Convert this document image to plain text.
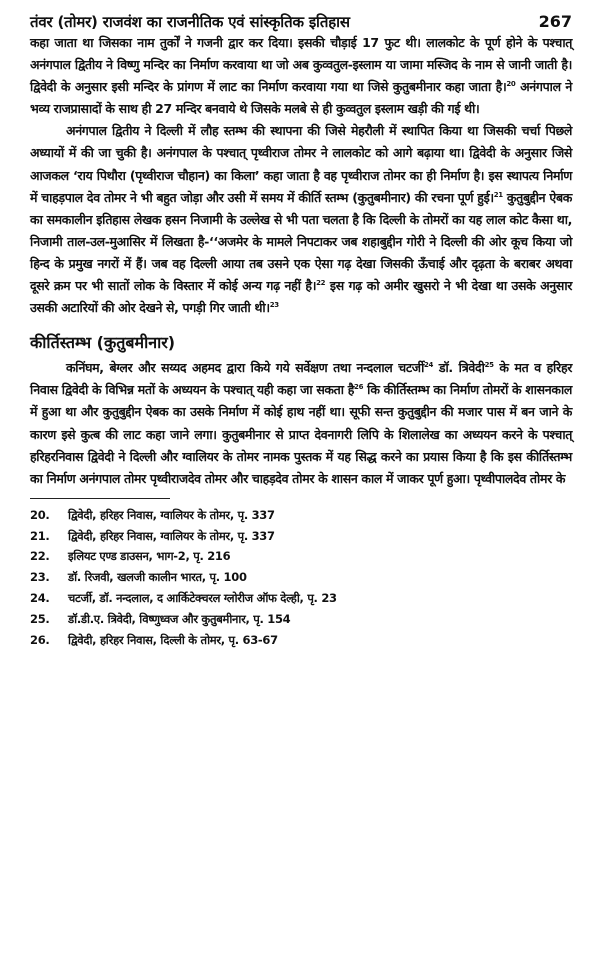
तंवर (तोमर) राजवंश का राजनीतिक एवं सांस्कृतिक इतिहास	267

कहा जाता था जिसका नाम तुर्कों ने गजनी द्वार कर दिया। इसकी चौड़ाई 17 फुट थी। लालकोट के पूर्ण होने के पश्चात् अनंगपाल द्वितीय ने विष्णु मन्दिर का निर्माण करवाया था जो अब कुव्वतुल-इस्लाम या जामा मस्जिद के नाम से जानी जाती है। द्विवेदी के अनुसार इसी मन्दिर के प्रांगण में लाट का निर्माण करवाया गया था जिसे कुतुबमीनार कहा जाता है।$^{20}$ अनंगपाल ने भव्य राजप्रासादों के साथ ही 27 मन्दिर बनवाये थे जिसके मलबे से ही कुव्वतुल इस्लाम खड़ी की गई थी।

अनंगपाल द्वितीय ने दिल्ली में लौह स्तम्भ की स्थापना की जिसे मेहरौली में स्थापित किया था जिसकी चर्चा पिछले अध्यायों में की जा चुकी है। अनंगपाल के पश्चात् पृथ्वीराज तोमर ने लालकोट को आगे बढ़ाया था। द्विवेदी के अनुसार जिसे आजकल ‘राय पिथौरा (पृथ्वीराज चौहान) का किला’ कहा जाता है वह पृथ्वीराज तोमर का ही निर्माण है। इस स्थापत्य निर्माण में चाहड़पाल देव तोमर ने भी बहुत जोड़ा और उसी में समय में कीर्ति स्तम्भ (कुतुबमीनार) की रचना पूर्ण हुई।$^{21}$ कुतुबुद्दीन ऐबक का समकालीन इतिहास लेखक हसन निजामी के उल्लेख से भी पता चलता है कि दिल्ली के तोमरों का यह लाल कोट कैसा था, निजामी ताल-उल-मुआसिर में लिखता है-‘‘अजमेर के मामले निपटाकर जब शहाबुद्दीन गोरी ने दिल्ली की ओर कूच किया जो हिन्द के प्रमुख नगरों में हैं। जब वह दिल्ली आया तब उसने एक ऐसा गढ़ देखा जिसकी ऊँचाई और दृढ़ता के बराबर अथवा दूसरे क्रम पर भी सातों लोक के विस्तार में कोई अन्य गढ़ नहीं है।$^{22}$ इस गढ़ को अमीर खुसरो ने भी देखा था उसके अनुसार उसकी अटारियों की ओर देखने से, पगड़ी गिर जाती थी।$^{23}$

कीर्तिस्तम्भ (कुतुबमीनार)

कनिंघम, बेग्लर और सय्यद अहमद द्वारा किये गये सर्वेक्षण तथा नन्दलाल चटर्जी$^{24}$ डॉ. त्रिवेदी$^{25}$ के मत व हरिहर निवास द्विवेदी के विभिन्न मतों के अध्ययन के पश्चात् यही कहा जा सकता है$^{26}$ कि कीर्तिस्तम्भ का निर्माण तोमरों के शासनकाल में हुआ था और कुतुबुद्दीन ऐबक का उसके निर्माण में कोई हाथ नहीं था। सूफी सन्त कुतुबुद्दीन की मजार पास में बन जाने के कारण इसे कुत्ब की लाट कहा जाने लगा। कुतुबमीनार से प्राप्त देवनागरी लिपि के शिलालेख का अध्ययन करने के पश्चात् हरिहरनिवास द्विवेदी ने दिल्ली और ग्वालियर के तोमर नामक पुस्तक में यह सिद्ध करने का प्रयास किया है कि इस कीर्तिस्तम्भ का निर्माण अनंगपाल तोमर पृथ्वीराजदेव तोमर और चाहड़देव तोमर के शासन काल में जाकर पूर्ण हुआ। पृथ्वीपालदेव तोमर के

20.	द्विवेदी, हरिहर निवास, ग्वालियर के तोमर, पृ. 337
21.	द्विवेदी, हरिहर निवास, ग्वालियर के तोमर, पृ. 337
22.	इलियट एण्ड डाउसन, भाग-2, पृ. 216
23.	डॉ. रिजवी, खलजी कालीन भारत, पृ. 100
24.	चटर्जी, डॉ. नन्दलाल, द आर्किटेक्चरल ग्लोरीज ऑफ देल्ही, पृ. 23
25.	डॉ.डी.ए. त्रिवेदी, विष्णुध्वज और कुतुबमीनार, पृ. 154
26.	द्विवेदी, हरिहर निवास, दिल्ली के तोमर, पृ. 63-67
